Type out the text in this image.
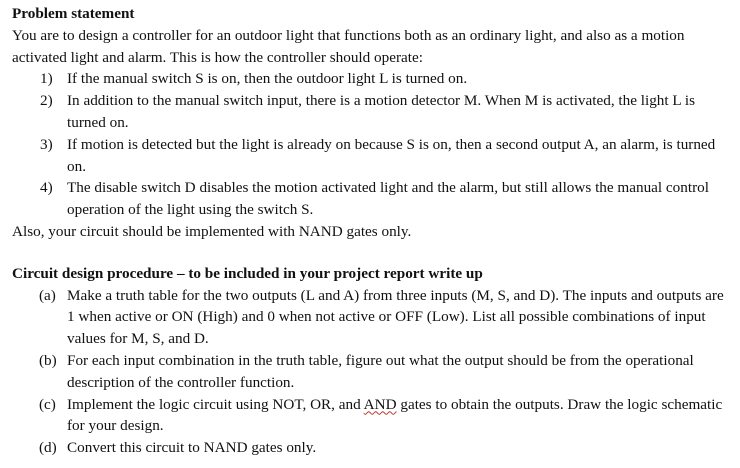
Problem statement

You are to design a controller for an outdoor light that functions both as an ordinary light, and also as a motion activated light and alarm. This is how the controller should operate:

1) If the manual switch S is on, then the outdoor light L is turned on.
2) In addition to the manual switch input, there is a motion detector M. When M is activated, the light L is turned on.
3) If motion is detected but the light is already on because S is on, then a second output A, an alarm, is turned on.
4) The disable switch D disables the motion activated light and the alarm, but still allows the manual control operation of the light using the switch S.

Also, your circuit should be implemented with NAND gates only.

Circuit design procedure – to be included in your project report write up

(a) Make a truth table for the two outputs (L and A) from three inputs (M, S, and D). The inputs and outputs are 1 when active or ON (High) and 0 when not active or OFF (Low). List all possible combinations of input values for M, S, and D.
(b) For each input combination in the truth table, figure out what the output should be from the operational description of the controller function.
(c) Implement the logic circuit using NOT, OR, and AND gates to obtain the outputs. Draw the logic schematic for your design.
(d) Convert this circuit to NAND gates only.
